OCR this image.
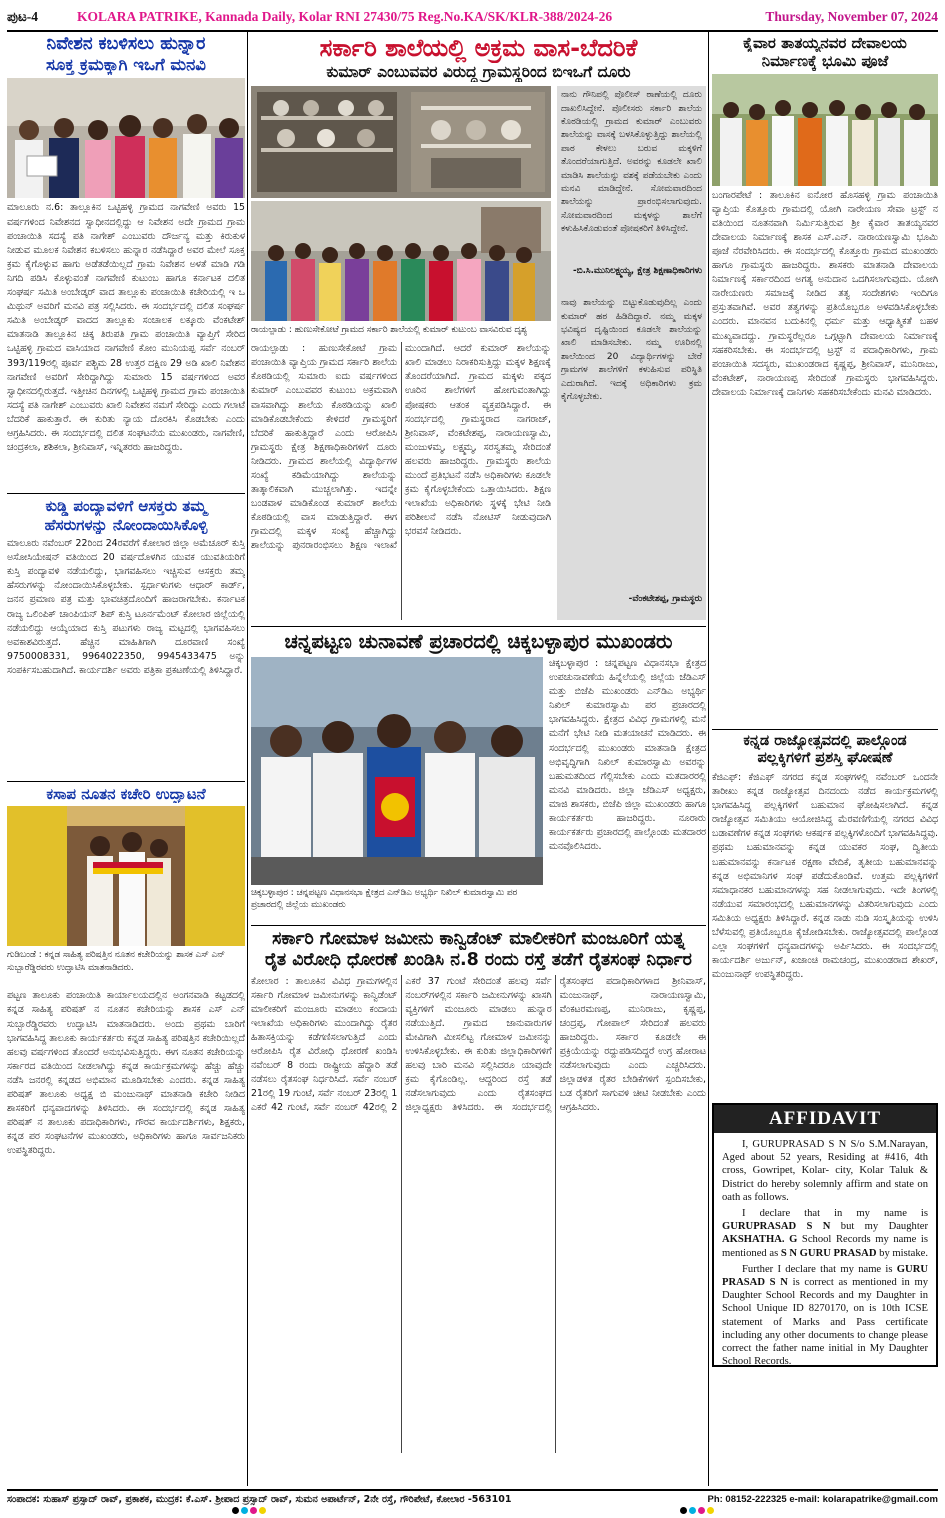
ಪುಟ-4	KOLARA PATRIKE, Kannada Daily, Kolar RNI 27430/75 Reg.No.KA/SK/KLR-388/2024-26	Thursday, November 07, 2024
ನಿವೇಶನ ಕಬಳಿಸಲು ಹುನ್ನಾರ
ಸೂಕ್ತ ಕ್ರಮಕ್ಕಾಗಿ ಇಒಗೆ ಮನವಿ
ಮಾಲೂರು ನ.6: ತಾಲ್ಲೂಕಿನ ಒಟ್ಟಿಹಳ್ಳಿ ಗ್ರಾಮದ ನಾಗವೇಣಿ ಅವರು 15 ವರ್ಷಗಳಿಂದ ನಿವೇಶನದ ಸ್ವಾಧೀನದಲ್ಲಿದ್ದು ಆ ನಿವೇಶನ ಅದೇ ಗ್ರಾಮದ ಗ್ರಾಮ ಪಂಚಾಯಿತಿ ಸದಸ್ಯೆ ಪತಿ ನಾಗೇಶ್ ಎಂಬುವರು ದೌರ್ಜನ್ಯ ಮತ್ತು ಕಿರುಕುಳ ನೀಡುವ ಮೂಲಕ ನಿವೇಶನ ಕಬಳಿಸಲು ಹುನ್ನಾರ ನಡೆಸಿದ್ದಾರೆ ಅವರ ಮೇಲೆ ಸೂಕ್ತ ಕ್ರಮ ಕೈಗೊಳ್ಳುವ ಹಾಗು ಅಡೆತಡೆಯಿಲ್ಲದೆ ಗ್ರಾಮ ನಿವೇಶನ ಅಳತೆ ಮಾಡಿ ಗಡಿ ನಿಗದಿ ಪಡಿಸಿ ಕೊಳ್ಳುವಂತೆ ನಾಗವೇಣಿ ಕುಟುಂಬ ಹಾಗೂ ಕರ್ನಾಟಕ ದಲಿತ ಸಂಘರ್ಷ ಸಮಿತಿ ಅಂಬೇಡ್ಕರ್ ವಾದ ತಾಲ್ಲೂಕು ಪಂಚಾಯಿತಿ ಕಚೇರಿಯಲ್ಲಿ ಇ ಒ ಮಿಥುನ್ ಅವರಿಗೆ ಮನವಿ ಪತ್ರ ಸಲ್ಲಿಸಿದರು. ಈ ಸಂದರ್ಭದಲ್ಲಿ ದಲಿತ ಸಂಘರ್ಷ ಸಮಿತಿ ಅಂಬೇಡ್ಕರ್ ವಾದದ ತಾಲ್ಲೂಕು ಸಂಚಾಲಕ ಲಕ್ಕೂರು ವೆಂಕಟೇಶ್ ಮಾತನಾಡಿ ತಾಲ್ಲೂಕಿನ ಚಿಕ್ಕ ತಿರುಪತಿ ಗ್ರಾಮ ಪಂಚಾಯಿತಿ ವ್ಯಾಪ್ತಿಗೆ ಸೇರಿದ ಒಟ್ಟಿಹಳ್ಳಿ ಗ್ರಾಮದ ವಾಸಿಯಾದ ನಾಗವೇಣಿ ಕೋಂ ಮುನಿಯಪ್ಪ ಸರ್ವೆ ನಂಬರ್ 393/119ರಲ್ಲಿ ಪೂರ್ವ ಪಶ್ಚಿಮ 28 ಉತ್ತರ ದಕ್ಷಿಣ 29 ಅಡಿ ಖಾಲಿ ನಿವೇಶನ ನಾಗವೇಣಿ ಅವರಿಗೆ ಸೇರಿದ್ದಾಗಿದ್ದು ಸುಮಾರು 15 ವರ್ಷಗಳಿಂದ ಅವರ ಸ್ವಾಧೀನದಲ್ಲಿರುತ್ತದೆ. ಇತ್ತೀಚಿನ ದಿನಗಳಲ್ಲಿ ಒಟ್ಟಿಹಳ್ಳಿ ಗ್ರಾಮದ ಗ್ರಾಮ ಪಂಚಾಯಿತಿ ಸದಸ್ಯೆ ಪತಿ ನಾಗೇಶ್ ಎಂಬುವರು ಖಾಲಿ ನಿವೇಶನ ನಮಗೆ ಸೇರಿದ್ದು ಎಂದು ಗಲಾಟೆ ಬೆದರಿಕೆ ಹಾಕುತ್ತಾರೆ. ಈ ಕುರಿತು ನ್ಯಾಯ ದೊರಕಿಸಿ ಕೊಡಬೇಕು ಎಂದು ಆಗ್ರಹಿಸಿದರು. ಈ ಸಂದರ್ಭದಲ್ಲಿ ದಲಿತ ಸಂಘಟನೆಯ ಮುಖಂಡರು, ನಾಗವೇಣಿ, ಚಂದ್ರಕಲಾ, ಶಶಿಕಲಾ, ಶ್ರೀನಿವಾಸ್, ಇನ್ನಿತರರು ಹಾಜರಿದ್ದರು.
ಕುಡ್ಡಿ ಪಂದ್ಯಾವಳಿಗೆ ಆಸಕ್ತರು ತಮ್ಮ
ಹೆಸರುಗಳನ್ನು ನೋಂದಾಯಿಸಿಕೊಳ್ಳಿ
ಮಾಲೂರು ನವೆಂಬರ್ 22ರಿಂದ 24ರವರೆಗೆ ಕೋಲಾರ ಜಿಲ್ಲಾ ಅಮೆಚೂರ್ ಕುಸ್ತಿ ಅಸೋಸಿಯೇಷನ್ ವತಿಯಿಂದ 20 ವರ್ಷದೊಳಗಿನ ಯುವಕ ಯುವತಿಯರಿಗೆ ಕುಸ್ತಿ ಪಂದ್ಯಾವಳಿ ನಡೆಯಲಿದ್ದು, ಭಾಗವಹಿಸಲು ಇಚ್ಚಿಸುವ ಆಸಕ್ತರು ತಮ್ಮ ಹೆಸರುಗಳನ್ನು ನೋಂದಾಯಿಸಿಕೊಳ್ಳಬೇಕು. ಸ್ಪರ್ಧಾಳುಗಳು ಆಧಾರ್ ಕಾರ್ಡ್, ಜನನ ಪ್ರಮಾಣ ಪತ್ರ ಮತ್ತು ಭಾವಚಿತ್ರದೊಂದಿಗೆ ಹಾಜರಾಗಬೇಕು. ಕರ್ನಾಟಕ ರಾಜ್ಯ ಒಲಿಂಪಿಕ್ ಚಾಂಪಿಯನ್ ಶಿಪ್ ಕುಸ್ತಿ ಟೂರ್ನಮೆಂಟ್ ಕೋಲಾರ ಜಿಲ್ಲೆಯಲ್ಲಿ ನಡೆಯಲಿದ್ದು ಆಯ್ಕೆಯಾದ ಕುಸ್ತಿ ಪಟುಗಳು ರಾಜ್ಯ ಮಟ್ಟದಲ್ಲಿ ಭಾಗವಹಿಸಲು ಅವಕಾಶವಿರುತ್ತದೆ. ಹೆಚ್ಚಿನ ಮಾಹಿತಿಗಾಗಿ ದೂರವಾಣಿ ಸಂಖ್ಯೆ 9750008331, 9964022350, 9945433475 ಅನ್ನು ಸಂಪರ್ಕಿಸಬಹುದಾಗಿದೆ. ಕಾರ್ಯದರ್ಶಿ ಅವರು ಪತ್ರಿಕಾ ಪ್ರಕಟಣೆಯಲ್ಲಿ ತಿಳಿಸಿದ್ದಾರೆ.
ಕಸಾಪ ನೂತನ ಕಚೇರಿ ಉದ್ಘಾಟನೆ
ಗುಡಿಬಂಡೆ : ಕನ್ನಡ ಸಾಹಿತ್ಯ ಪರಿಷತ್ತಿನ ನೂತನ ಕಚೇರಿಯನ್ನು ಶಾಸಕ ಎಸ್ ಎನ್ ಸುಬ್ಬಾರೆಡ್ಡಿರವರು ಉದ್ಘಾಟಿಸಿ ಮಾತನಾಡಿದರು.
ಪಟ್ಟಣ ತಾಲೂಕು ಪಂಚಾಯಿತಿ ಕಾರ್ಯಾಲಯದಲ್ಲಿನ ಅಂಗನವಾಡಿ ಕಟ್ಟಡದಲ್ಲಿ ಕನ್ನಡ ಸಾಹಿತ್ಯ ಪರಿಷತ್ ನ ನೂತನ ಕಚೇರಿಯನ್ನು ಶಾಸಕ ಎಸ್ ಎನ್ ಸುಬ್ಬಾರೆಡ್ಡಿರವರು ಉದ್ಘಾಟಿಸಿ ಮಾತನಾಡಿದರು. ಅಂದು ಪ್ರಥಮ ಬಾರಿಗೆ ಭಾಗವಹಿಸಿದ್ದ ತಾಲೂಕು ಕಾರ್ಯಕರ್ತರು ಕನ್ನಡ ಸಾಹಿತ್ಯ ಪರಿಷತ್ತಿನ ಕಚೇರಿಯಿಲ್ಲದೆ ಹಲವು ವರ್ಷಗಳಿಂದ ತೊಂದರೆ ಅನುಭವಿಸುತ್ತಿದ್ದರು. ಈಗ ನೂತನ ಕಚೇರಿಯನ್ನು ಸರ್ಕಾರದ ವತಿಯಿಂದ ನೀಡಲಾಗಿದ್ದು ಕನ್ನಡ ಕಾರ್ಯಕ್ರಮಗಳನ್ನು ಹೆಚ್ಚು ಹೆಚ್ಚು ನಡೆಸಿ ಜನರಲ್ಲಿ ಕನ್ನಡದ ಅಭಿಮಾನ ಮೂಡಿಸಬೇಕು ಎಂದರು. ಕನ್ನಡ ಸಾಹಿತ್ಯ ಪರಿಷತ್ ತಾಲೂಕು ಅಧ್ಯಕ್ಷ ಬಿ ಮಂಜುನಾಥ್ ಮಾತನಾಡಿ ಕಚೇರಿ ನೀಡಿದ ಶಾಸಕರಿಗೆ ಧನ್ಯವಾದಗಳನ್ನು ತಿಳಿಸಿದರು. ಈ ಸಂದರ್ಭದಲ್ಲಿ ಕನ್ನಡ ಸಾಹಿತ್ಯ ಪರಿಷತ್ ನ ತಾಲೂಕು ಪದಾಧಿಕಾರಿಗಳು, ಗೌರವ ಕಾರ್ಯದರ್ಶಿಗಳು, ಶಿಕ್ಷಕರು, ಕನ್ನಡ ಪರ ಸಂಘಟನೆಗಳ ಮುಖಂಡರು, ಅಧಿಕಾರಿಗಳು ಹಾಗೂ ಸಾರ್ವಜನಿಕರು ಉಪಸ್ಥಿತರಿದ್ದರು.
ಸರ್ಕಾರಿ ಶಾಲೆಯಲ್ಲಿ ಅಕ್ರಮ ವಾಸ-ಬೆದರಿಕೆ
ಕುಮಾರ್ ಎಂಬುವವರ ವಿರುದ್ಧ ಗ್ರಾಮಸ್ಥರಿಂದ ಬಿಇಒಗೆ ದೂರು
ರಾಯಲ್ಪಾಡು : ಹುಣುಸೇಕೋಟೆ ಗ್ರಾಮದ ಸರ್ಕಾರಿ ಶಾಲೆಯಲ್ಲಿ ಕುಮಾರ್ ಕುಟುಂಬ ವಾಸವಿರುವ ದೃಶ್ಯ
ನಾನು ಗೌನಿಪಲ್ಲಿ ಪೊಲೀಸ್ ಠಾಣೆಯಲ್ಲಿ ದೂರು ದಾಖಲಿಸಿದ್ದೇನೆ. ಪೊಲೀಸರು ಸರ್ಕಾರಿ ಶಾಲೆಯ ಕೊಠಡಿಯಲ್ಲಿ ಗ್ರಾಮದ ಕುಮಾರ್ ಎಂಬುವರು ಶಾಲೆಯನ್ನು ವಾಸಕ್ಕೆ ಬಳಸಿಕೊಳ್ಳುತ್ತಿದ್ದು ಶಾಲೆಯಲ್ಲಿ ಪಾಠ ಕೇಳಲು ಬರುವ ಮಕ್ಕಳಿಗೆ ತೊಂದರೆಯಾಗುತ್ತಿದೆ. ಅವರನ್ನು ಕೂಡಲೇ ಖಾಲಿ ಮಾಡಿಸಿ ಶಾಲೆಯನ್ನು ವಶಕ್ಕೆ ಪಡೆಯಬೇಕು ಎಂದು ಮನವಿ ಮಾಡಿದ್ದೇನೆ. ಸೋಮವಾರದಿಂದ ಶಾಲೆಯನ್ನು ಪ್ರಾರಂಭಿಸಲಾಗುವುದು. ಸೋಮವಾರದಿಂದ ಮಕ್ಕಳನ್ನು ಶಾಲೆಗೆ ಕಳುಹಿಸಿಕೊಡುವಂತೆ ಪೋಷಕರಿಗೆ ತಿಳಿಸಿದ್ದೇನೆ.
-ಬಿ.ಸಿ.ಮುನಿಲಕ್ಷ್ಮಯ್ಯ, ಕ್ಷೇತ್ರ ಶಿಕ್ಷಣಾಧಿಕಾರಿಗಳು
ನಾವು ಶಾಲೆಯನ್ನು ಬಿಟ್ಟುಕೊಡುವುದಿಲ್ಲ ಎಂದು ಕುಮಾರ್ ಹಠ ಹಿಡಿದಿದ್ದಾರೆ. ನಮ್ಮ ಮಕ್ಕಳ ಭವಿಷ್ಯದ ದೃಷ್ಟಿಯಿಂದ ಕೂಡಲೇ ಶಾಲೆಯನ್ನು ಖಾಲಿ ಮಾಡಿಸಬೇಕು. ನಮ್ಮ ಊರಿನಲ್ಲಿ ಶಾಲೆಯಿಂದ 20 ವಿದ್ಯಾರ್ಥಿಗಳನ್ನು ಬೇರೆ ಗ್ರಾಮಗಳ ಶಾಲೆಗಳಿಗೆ ಕಳುಹಿಸುವ ಪರಿಸ್ಥಿತಿ ಎದುರಾಗಿದೆ. ಇದಕ್ಕೆ ಅಧಿಕಾರಿಗಳು ಕ್ರಮ ಕೈಗೊಳ್ಳಬೇಕು.
-ವೆಂಕಟೇಶಪ್ಪ, ಗ್ರಾಮಸ್ಥರು
ರಾಯಲ್ಪಾಡು : ಹುಣುಸೇಕೋಟೆ ಗ್ರಾಮ ಪಂಚಾಯಿತಿ ವ್ಯಾಪ್ತಿಯ ಗ್ರಾಮದ ಸರ್ಕಾರಿ ಶಾಲೆಯ ಕೊಠಡಿಯಲ್ಲಿ ಸುಮಾರು ಐದು ವರ್ಷಗಳಿಂದ ಕುಮಾರ್ ಎಂಬುವವರ ಕುಟುಂಬ ಅಕ್ರಮವಾಗಿ ವಾಸವಾಗಿದ್ದು ಶಾಲೆಯ ಕೊಠಡಿಯನ್ನು ಖಾಲಿ ಮಾಡಿಕೊಡಬೇಕೆಂದು ಕೇಳಿದರೆ ಗ್ರಾಮಸ್ಥರಿಗೆ ಬೆದರಿಕೆ ಹಾಕುತ್ತಿದ್ದಾರೆ ಎಂದು ಆರೋಪಿಸಿ ಗ್ರಾಮಸ್ಥರು ಕ್ಷೇತ್ರ ಶಿಕ್ಷಣಾಧಿಕಾರಿಗಳಿಗೆ ದೂರು ನೀಡಿದರು. ಗ್ರಾಮದ ಶಾಲೆಯಲ್ಲಿ ವಿದ್ಯಾರ್ಥಿಗಳ ಸಂಖ್ಯೆ ಕಡಿಮೆಯಾಗಿದ್ದು ಶಾಲೆಯನ್ನು ತಾತ್ಕಾಲಿಕವಾಗಿ ಮುಚ್ಚಲಾಗಿತ್ತು. ಇದನ್ನೇ ಬಂಡವಾಳ ಮಾಡಿಕೊಂಡ ಕುಮಾರ್ ಶಾಲೆಯ ಕೊಠಡಿಯಲ್ಲಿ ವಾಸ ಮಾಡುತ್ತಿದ್ದಾರೆ. ಈಗ ಗ್ರಾಮದಲ್ಲಿ ಮಕ್ಕಳ ಸಂಖ್ಯೆ ಹೆಚ್ಚಾಗಿದ್ದು ಶಾಲೆಯನ್ನು ಪುನರಾರಂಭಿಸಲು ಶಿಕ್ಷಣ ಇಲಾಖೆ ಮುಂದಾಗಿದೆ. ಆದರೆ ಕುಮಾರ್ ಶಾಲೆಯನ್ನು ಖಾಲಿ ಮಾಡಲು ನಿರಾಕರಿಸುತ್ತಿದ್ದು ಮಕ್ಕಳ ಶಿಕ್ಷಣಕ್ಕೆ ತೊಂದರೆಯಾಗಿದೆ. ಗ್ರಾಮದ ಮಕ್ಕಳು ಪಕ್ಕದ ಊರಿನ ಶಾಲೆಗಳಿಗೆ ಹೋಗುವಂತಾಗಿದ್ದು ಪೋಷಕರು ಆತಂಕ ವ್ಯಕ್ತಪಡಿಸಿದ್ದಾರೆ. ಈ ಸಂದರ್ಭದಲ್ಲಿ ಗ್ರಾಮಸ್ಥರಾದ ನಾಗರಾಜ್, ಶ್ರೀನಿವಾಸ್, ವೆಂಕಟೇಶಪ್ಪ, ನಾರಾಯಣಸ್ವಾಮಿ, ಮಂಜುಳಮ್ಮ, ಲಕ್ಷ್ಮಮ್ಮ, ಸರಸ್ವತಮ್ಮ ಸೇರಿದಂತೆ ಹಲವರು ಹಾಜರಿದ್ದರು. ಗ್ರಾಮಸ್ಥರು ಶಾಲೆಯ ಮುಂದೆ ಪ್ರತಿಭಟನೆ ನಡೆಸಿ ಅಧಿಕಾರಿಗಳು ಕೂಡಲೇ ಕ್ರಮ ಕೈಗೊಳ್ಳಬೇಕೆಂದು ಒತ್ತಾಯಿಸಿದರು. ಶಿಕ್ಷಣ ಇಲಾಖೆಯ ಅಧಿಕಾರಿಗಳು ಸ್ಥಳಕ್ಕೆ ಭೇಟಿ ನೀಡಿ ಪರಿಶೀಲನೆ ನಡೆಸಿ ನೋಟಿಸ್ ನೀಡುವುದಾಗಿ ಭರವಸೆ ನೀಡಿದರು.
ಚನ್ನಪಟ್ಟಣ ಚುನಾವಣೆ ಪ್ರಚಾರದಲ್ಲಿ ಚಿಕ್ಕಬಳ್ಳಾಪುರ ಮುಖಂಡರು
ಚಿಕ್ಕಬಳ್ಳಾಪುರ : ಚನ್ನಪಟ್ಟಣ ವಿಧಾನಸಭಾ ಕ್ಷೇತ್ರದ ಎನ್‌ಡಿಎ ಅಭ್ಯರ್ಥಿ ನಿಖಿಲ್ ಕುಮಾರಸ್ವಾಮಿ ಪರ ಪ್ರಚಾರದಲ್ಲಿ ಜಿಲ್ಲೆಯ ಮುಖಂಡರು
ಚಿಕ್ಕಬಳ್ಳಾಪುರ : ಚನ್ನಪಟ್ಟಣ ವಿಧಾನಸಭಾ ಕ್ಷೇತ್ರದ ಉಪಚುನಾವಣೆಯ ಹಿನ್ನೆಲೆಯಲ್ಲಿ ಜಿಲ್ಲೆಯ ಜೆಡಿಎಸ್ ಮತ್ತು ಬಿಜೆಪಿ ಮುಖಂಡರು ಎನ್‌ಡಿಎ ಅಭ್ಯರ್ಥಿ ನಿಖಿಲ್ ಕುಮಾರಸ್ವಾಮಿ ಪರ ಪ್ರಚಾರದಲ್ಲಿ ಭಾಗವಹಿಸಿದ್ದರು. ಕ್ಷೇತ್ರದ ವಿವಿಧ ಗ್ರಾಮಗಳಲ್ಲಿ ಮನೆ ಮನೆಗೆ ಭೇಟಿ ನೀಡಿ ಮತಯಾಚನೆ ಮಾಡಿದರು. ಈ ಸಂದರ್ಭದಲ್ಲಿ ಮುಖಂಡರು ಮಾತನಾಡಿ ಕ್ಷೇತ್ರದ ಅಭಿವೃದ್ಧಿಗಾಗಿ ನಿಖಿಲ್ ಕುಮಾರಸ್ವಾಮಿ ಅವರನ್ನು ಬಹುಮತದಿಂದ ಗೆಲ್ಲಿಸಬೇಕು ಎಂದು ಮತದಾರರಲ್ಲಿ ಮನವಿ ಮಾಡಿದರು. ಜಿಲ್ಲಾ ಜೆಡಿಎಸ್ ಅಧ್ಯಕ್ಷರು, ಮಾಜಿ ಶಾಸಕರು, ಬಿಜೆಪಿ ಜಿಲ್ಲಾ ಮುಖಂಡರು ಹಾಗೂ ಕಾರ್ಯಕರ್ತರು ಹಾಜರಿದ್ದರು. ನೂರಾರು ಕಾರ್ಯಕರ್ತರು ಪ್ರಚಾರದಲ್ಲಿ ಪಾಲ್ಗೊಂಡು ಮತದಾರರ ಮನವೊಲಿಸಿದರು.
ಸರ್ಕಾರಿ ಗೋಮಾಳ ಜಮೀನು ಕಾನ್ವಿಡೆಂಟ್ ಮಾಲೀಕರಿಗೆ ಮಂಜೂರಿಗೆ ಯತ್ನ
ರೈತ ವಿರೋಧಿ ಧೋರಣೆ ಖಂಡಿಸಿ ನ.8 ರಂದು ರಸ್ತೆ ತಡೆಗೆ ರೈತಸಂಘ ನಿರ್ಧಾರ
ಕೋಲಾರ : ತಾಲೂಕಿನ ವಿವಿಧ ಗ್ರಾಮಗಳಲ್ಲಿನ ಸರ್ಕಾರಿ ಗೋಮಾಳ ಜಮೀನುಗಳನ್ನು ಕಾನ್ವಿಡೆಂಟ್ ಮಾಲೀಕರಿಗೆ ಮಂಜೂರು ಮಾಡಲು ಕಂದಾಯ ಇಲಾಖೆಯ ಅಧಿಕಾರಿಗಳು ಮುಂದಾಗಿದ್ದು ರೈತರ ಹಿತಾಸಕ್ತಿಯನ್ನು ಕಡೆಗಣಿಸಲಾಗುತ್ತಿದೆ ಎಂದು ಆರೋಪಿಸಿ ರೈತ ವಿರೋಧಿ ಧೋರಣೆ ಖಂಡಿಸಿ ನವೆಂಬರ್ 8 ರಂದು ರಾಷ್ಟ್ರೀಯ ಹೆದ್ದಾರಿ ತಡೆ ನಡೆಸಲು ರೈತಸಂಘ ನಿರ್ಧರಿಸಿದೆ. ಸರ್ವೆ ನಂಬರ್ 21ರಲ್ಲಿ 19 ಗುಂಟೆ, ಸರ್ವೆ ನಂಬರ್ 23ರಲ್ಲಿ 1 ಎಕರೆ 42 ಗುಂಟೆ, ಸರ್ವೆ ನಂಬರ್ 42ರಲ್ಲಿ 2 ಎಕರೆ 37 ಗುಂಟೆ ಸೇರಿದಂತೆ ಹಲವು ಸರ್ವೆ ನಂಬರ್‌ಗಳಲ್ಲಿನ ಸರ್ಕಾರಿ ಜಮೀನುಗಳನ್ನು ಖಾಸಗಿ ವ್ಯಕ್ತಿಗಳಿಗೆ ಮಂಜೂರು ಮಾಡಲು ಹುನ್ನಾರ ನಡೆಯುತ್ತಿದೆ. ಗ್ರಾಮದ ಜಾನುವಾರುಗಳ ಮೇವಿಗಾಗಿ ಮೀಸಲಿಟ್ಟ ಗೋಮಾಳ ಜಮೀನನ್ನು ಉಳಿಸಿಕೊಳ್ಳಬೇಕು. ಈ ಕುರಿತು ಜಿಲ್ಲಾಧಿಕಾರಿಗಳಿಗೆ ಹಲವು ಬಾರಿ ಮನವಿ ಸಲ್ಲಿಸಿದರೂ ಯಾವುದೇ ಕ್ರಮ ಕೈಗೊಂಡಿಲ್ಲ. ಆದ್ದರಿಂದ ರಸ್ತೆ ತಡೆ ನಡೆಸಲಾಗುವುದು ಎಂದು ರೈತಸಂಘದ ಜಿಲ್ಲಾಧ್ಯಕ್ಷರು ತಿಳಿಸಿದರು. ಈ ಸಂದರ್ಭದಲ್ಲಿ ರೈತಸಂಘದ ಪದಾಧಿಕಾರಿಗಳಾದ ಶ್ರೀನಿವಾಸ್, ಮಂಜುನಾಥ್, ನಾರಾಯಣಸ್ವಾಮಿ, ವೆಂಕಟರಮಣಪ್ಪ, ಮುನಿರಾಜು, ಕೃಷ್ಣಪ್ಪ, ಚಂದ್ರಪ್ಪ, ಗೋಪಾಲ್ ಸೇರಿದಂತೆ ಹಲವರು ಹಾಜರಿದ್ದರು. ಸರ್ಕಾರ ಕೂಡಲೇ ಈ ಪ್ರಕ್ರಿಯೆಯನ್ನು ರದ್ದುಪಡಿಸದಿದ್ದರೆ ಉಗ್ರ ಹೋರಾಟ ನಡೆಸಲಾಗುವುದು ಎಂದು ಎಚ್ಚರಿಸಿದರು. ಜಿಲ್ಲಾಡಳಿತ ರೈತರ ಬೇಡಿಕೆಗಳಿಗೆ ಸ್ಪಂದಿಸಬೇಕು, ಬಡ ರೈತರಿಗೆ ಸಾಗುವಳಿ ಚೀಟಿ ನೀಡಬೇಕು ಎಂದು ಆಗ್ರಹಿಸಿದರು.
ಕೈವಾರ ತಾತಯ್ಯನವರ ದೇವಾಲಯ
ನಿರ್ಮಾಣಕ್ಕೆ ಭೂಮಿ ಪೂಜೆ
ಬಂಗಾರಪೇಟೆ : ತಾಲೂಕಿನ ಐನೋರ ಹೊಸಹಳ್ಳಿ ಗ್ರಾಮ ಪಂಚಾಯಿತಿ ವ್ಯಾಪ್ತಿಯ ಕೊತ್ತೂರು ಗ್ರಾಮದಲ್ಲಿ ಯೋಗಿ ನಾರೇಯಣ ಸೇವಾ ಟ್ರಸ್ಟ್ ನ ವತಿಯಿಂದ ನೂತನವಾಗಿ ನಿರ್ಮಿಸುತ್ತಿರುವ ಶ್ರೀ ಕೈವಾರ ತಾತಯ್ಯನವರ ದೇವಾಲಯ ನಿರ್ಮಾಣಕ್ಕೆ ಶಾಸಕ ಎಸ್.ಎನ್. ನಾರಾಯಣಸ್ವಾಮಿ ಭೂಮಿ ಪೂಜೆ ನೆರವೇರಿಸಿದರು. ಈ ಸಂದರ್ಭದಲ್ಲಿ ಕೊತ್ತೂರು ಗ್ರಾಮದ ಮುಖಂಡರು ಹಾಗೂ ಗ್ರಾಮಸ್ಥರು ಹಾಜರಿದ್ದರು. ಶಾಸಕರು ಮಾತನಾಡಿ ದೇವಾಲಯ ನಿರ್ಮಾಣಕ್ಕೆ ಸರ್ಕಾರದಿಂದ ಅಗತ್ಯ ಅನುದಾನ ಒದಗಿಸಲಾಗುವುದು. ಯೋಗಿ ನಾರೇಯಣರು ಸಮಾಜಕ್ಕೆ ನೀಡಿದ ತತ್ವ ಸಂದೇಶಗಳು ಇಂದಿಗೂ ಪ್ರಸ್ತುತವಾಗಿವೆ. ಅವರ ತತ್ವಗಳನ್ನು ಪ್ರತಿಯೊಬ್ಬರೂ ಅಳವಡಿಸಿಕೊಳ್ಳಬೇಕು ಎಂದರು. ಮಾನವನ ಬದುಕಿನಲ್ಲಿ ಧರ್ಮ ಮತ್ತು ಆಧ್ಯಾತ್ಮಿಕತೆ ಬಹಳ ಮುಖ್ಯವಾದದ್ದು. ಗ್ರಾಮಸ್ಥರೆಲ್ಲರೂ ಒಗ್ಗಟ್ಟಾಗಿ ದೇವಾಲಯ ನಿರ್ಮಾಣಕ್ಕೆ ಸಹಕರಿಸಬೇಕು. ಈ ಸಂದರ್ಭದಲ್ಲಿ ಟ್ರಸ್ಟ್ ನ ಪದಾಧಿಕಾರಿಗಳು, ಗ್ರಾಮ ಪಂಚಾಯಿತಿ ಸದಸ್ಯರು, ಮುಖಂಡರಾದ ಕೃಷ್ಣಪ್ಪ, ಶ್ರೀನಿವಾಸ್, ಮುನಿರಾಜು, ವೆಂಕಟೇಶ್, ನಾರಾಯಣಪ್ಪ ಸೇರಿದಂತೆ ಗ್ರಾಮಸ್ಥರು ಭಾಗವಹಿಸಿದ್ದರು. ದೇವಾಲಯ ನಿರ್ಮಾಣಕ್ಕೆ ದಾನಿಗಳು ಸಹಕರಿಸಬೇಕೆಂದು ಮನವಿ ಮಾಡಿದರು.
ಕನ್ನಡ ರಾಜ್ಯೋತ್ಸವದಲ್ಲಿ ಪಾಲ್ಗೊಂಡ
ಪಲ್ಲಕ್ಕಿಗಳಿಗೆ ಪ್ರಶಸ್ತಿ ಘೋಷಣೆ
ಕೆಜಿಎಫ್: ಕೆಜಿಎಫ್ ನಗರದ ಕನ್ನಡ ಸಂಘಗಳಲ್ಲಿ ನವೆಂಬರ್ ಒಂದನೇ ತಾರೀಖು ಕನ್ನಡ ರಾಜ್ಯೋತ್ಸವ ದಿನದಂದು ನಡೆದ ಕಾರ್ಯಕ್ರಮಗಳಲ್ಲಿ ಭಾಗವಹಿಸಿದ್ದ ಪಲ್ಲಕ್ಕಿಗಳಿಗೆ ಬಹುಮಾನ ಘೋಷಿಸಲಾಗಿದೆ. ಕನ್ನಡ ರಾಜ್ಯೋತ್ಸವ ಸಮಿತಿಯು ಆಯೋಜಿಸಿದ್ದ ಮೆರವಣಿಗೆಯಲ್ಲಿ ನಗರದ ವಿವಿಧ ಬಡಾವಣೆಗಳ ಕನ್ನಡ ಸಂಘಗಳು ಆಕರ್ಷಕ ಪಲ್ಲಕ್ಕಿಗಳೊಂದಿಗೆ ಭಾಗವಹಿಸಿದ್ದವು. ಪ್ರಥಮ ಬಹುಮಾನವನ್ನು ಕನ್ನಡ ಯುವಕರ ಸಂಘ, ದ್ವಿತೀಯ ಬಹುಮಾನವನ್ನು ಕರ್ನಾಟಕ ರಕ್ಷಣಾ ವೇದಿಕೆ, ತೃತೀಯ ಬಹುಮಾನವನ್ನು ಕನ್ನಡ ಅಭಿಮಾನಿಗಳ ಸಂಘ ಪಡೆದುಕೊಂಡಿವೆ. ಉತ್ತಮ ಪಲ್ಲಕ್ಕಿಗಳಿಗೆ ಸಮಾಧಾನಕರ ಬಹುಮಾನಗಳನ್ನು ಸಹ ನೀಡಲಾಗುವುದು. ಇದೇ ತಿಂಗಳಲ್ಲಿ ನಡೆಯುವ ಸಮಾರಂಭದಲ್ಲಿ ಬಹುಮಾನಗಳನ್ನು ವಿತರಿಸಲಾಗುವುದು ಎಂದು ಸಮಿತಿಯ ಅಧ್ಯಕ್ಷರು ತಿಳಿಸಿದ್ದಾರೆ. ಕನ್ನಡ ನಾಡು ನುಡಿ ಸಂಸ್ಕೃತಿಯನ್ನು ಉಳಿಸಿ ಬೆಳೆಸುವಲ್ಲಿ ಪ್ರತಿಯೊಬ್ಬರೂ ಕೈಜೋಡಿಸಬೇಕು. ರಾಜ್ಯೋತ್ಸವದಲ್ಲಿ ಪಾಲ್ಗೊಂಡ ಎಲ್ಲಾ ಸಂಘಗಳಿಗೆ ಧನ್ಯವಾದಗಳನ್ನು ಅರ್ಪಿಸಿದರು. ಈ ಸಂದರ್ಭದಲ್ಲಿ ಕಾರ್ಯದರ್ಶಿ ಅರ್ಜುನ್, ಖಜಾಂಚಿ ರಾಮಚಂದ್ರ, ಮುಖಂಡರಾದ ಶೇಖರ್, ಮಂಜುನಾಥ್ ಉಪಸ್ಥಿತರಿದ್ದರು.
AFFIDAVIT

I, GURUPRASAD S N S/o S.M.Narayan, Aged about 52 years, Residing at #416, 4th cross, Gowripet, Kolar- city, Kolar Taluk & District do hereby solemnly affirm and state on oath as follows.

I declare that in my name is GURUPRASAD S N but my Daughter AKSHATHA. G School Records my name is mentioned as S N GURU PRASAD by mistake.

Further I declare that my name is GURU PRASAD S N is correct as mentioned in my Daughter School Records and my Daughter in School Unique ID 8270170, on is 10th ICSE statement of Marks and Pass certificate including any other documents to change please correct the father name initial in My Daughter School Records.

ಸಂಪಾದಕ: ಸುಹಾಸ್ ಪ್ರಸ್ಸಾದ್ ರಾವ್, ಪ್ರಕಾಶಕ, ಮುದ್ರಕ: ಕೆ.ಎಸ್. ಶ್ರೀಪಾದ ಪ್ರಸ್ಸಾದ್ ರಾವ್, ಸುಮನ ಅಪಾರ್ಟೆನ್, 2ನೇ ರಸ್ತೆ, ಗೌರಿಪೇಟೆ, ಕೋಲಾರ -563101	Ph: 08152-222325 e-mail: kolarapatrike@gmail.com
